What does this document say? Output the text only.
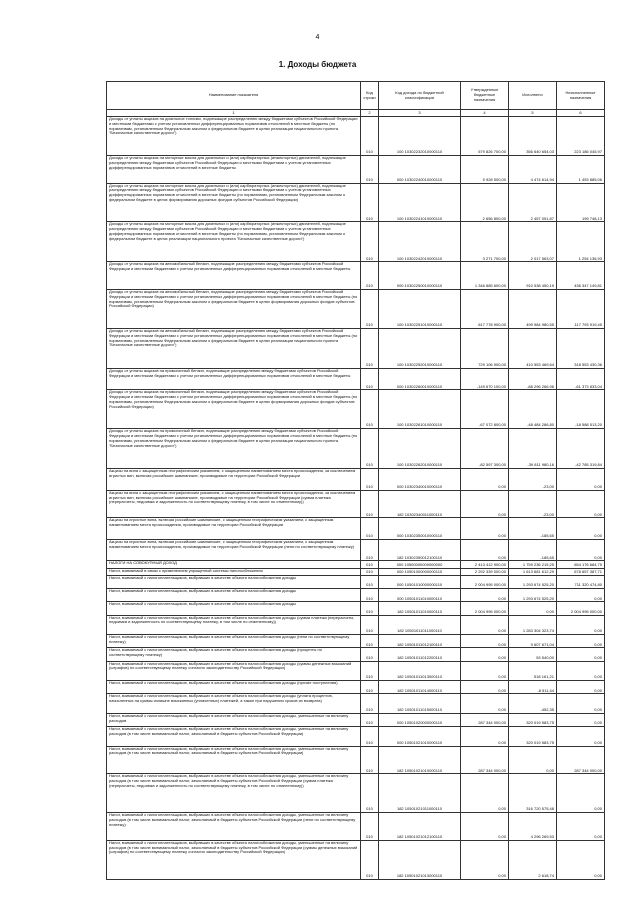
4
1. Доходы бюджета
Наименование показателя	Код строки	Код дохода по бюджетной классификации	Утвержденные бюджетные назначения	Исполнено	Неисполненные назначения
1	2	3	4	5	6
Доходы от уплаты акцизов на дизельное топливо, подлежащие распределению между бюджетами субъектов Российской Федерации и местными бюджетами с учетом установленных дифференцированных нормативов отчислений в местные бюджеты (по нормативам, установленным Федеральным законом о федеральном бюджете в целях реализации национального проекта "Безопасные качественные дороги")	010	100 10302232010000110	579 826 700,00	356 640 654,03	223 186 045,97
Доходы от уплаты акцизов на моторные масла для дизельных и (или) карбюраторных (инжекторных) двигателей, подлежащие распределению между бюджетами субъектов Российской Федерации и местными бюджетами с учетом установленных дифференцированных нормативов отчислений в местные бюджеты	010	000 10302240010000110	5 928 500,00	4 474 614,94	1 453 885,06
Доходы от уплаты акцизов на моторные масла для дизельных и (или) карбюраторных (инжекторных) двигателей, подлежащие распределению между бюджетами субъектов Российской Федерации и местными бюджетами с учетом установленных дифференцированных нормативов отчислений в местные бюджеты (по нормативам, установленным Федеральным законом о федеральном бюджете в целях формирования дорожных фондов субъектов Российской Федерации)	010	100 10302241010000110	2 656 800,00	2 457 051,87	199 748,13
Доходы от уплаты акцизов на моторные масла для дизельных и (или) карбюраторных (инжекторных) двигателей, подлежащие распределению между бюджетами субъектов Российской Федерации и местными бюджетами с учетом установленных дифференцированных нормативов отчислений в местные бюджеты (по нормативам, установленным Федеральным законом о федеральном бюджете в целях реализации национального проекта "Безопасные качественные дороги")	010	100 10302242010000110	3 271 700,00	2 017 563,07	1 254 136,93
Доходы от уплаты акцизов на автомобильный бензин, подлежащие распределению между бюджетами субъектов Российской Федерации и местными бюджетами с учетом установленных дифференцированных нормативов отчислений в местные бюджеты	010	000 10302250010000110	1 346 885 600,00	910 538 450,19	436 347 149,81
Доходы от уплаты акцизов на автомобильный бензин, подлежащие распределению между бюджетами субъектов Российской Федерации и местными бюджетами с учетом установленных дифференцированных нормативов отчислений в местные бюджеты (по нормативам, установленным Федеральным законом о федеральном бюджете в целях формирования дорожных фондов субъектов Российской Федерации)	010	100 10302251010000110	617 778 900,00	499 984 980,55	117 793 919,45
Доходы от уплаты акцизов на автомобильный бензин, подлежащие распределению между бюджетами субъектов Российской Федерации и местными бюджетами с учетом установленных дифференцированных нормативов отчислений в местные бюджеты (по нормативам, установленным Федеральным законом о федеральном бюджете в целях реализации национального проекта "Безопасные качественные дороги")	010	100 10302252010000110	729 106 900,00	410 553 469,64	318 553 430,36
Доходы от уплаты акцизов на прямогонный бензин, подлежащие распределению между бюджетами субъектов Российской Федерации и местными бюджетами с учетом установленных дифференцированных нормативов отчислений в местные бюджеты	010	000 10302260010000110	-149 670 100,00	-88 296 266,96	-61 373 833,04
Доходы от уплаты акцизов на прямогонный бензин, подлежащие распределению между бюджетами субъектов Российской Федерации и местными бюджетами с учетом установленных дифференцированных нормативов отчислений в местные бюджеты (по нормативам, установленным Федеральным законом о федеральном бюджете в целях формирования дорожных фондов субъектов Российской Федерации)	010	100 10302261010000110	-67 072 800,00	-48 484 286,80	-18 588 513,20
Доходы от уплаты акцизов на прямогонный бензин, подлежащие распределению между бюджетами субъектов Российской Федерации и местными бюджетами с учетом установленных дифференцированных нормативов отчислений в местные бюджеты (по нормативам, установленным Федеральным законом о федеральном бюджете в целях реализации национального проекта "Безопасные качественные дороги")	010	100 10302262010000110	-82 597 300,00	-39 811 980,16	-42 785 319,84
Акцизы на вина с защищенным географическим указанием, с защищенным наименованием места происхождения, за исключением игристых вин, включая российские шампанские, производимые на территории Российской Федерации	010	000 10302340010000110	0,00	-23,00	0,00
Акцизы на вина с защищенным географическим указанием, с защищенным наименованием места происхождения, за исключением игристых вин, включая российские шампанские, производимые на территории Российской Федерации (сумма платежа (перерасчеты, недоимка и задолженность по соответствующему платежу, в том числе по отмененному))	010	182 10302340011000110	0,00	-23,00	0,00
Акцизы на игристые вина, включая российские шампанские, с защищенным географическим указанием, с защищенным наименованием места происхождения, производимые на территории Российской Федерации	010	000 10302350010000110	0,00	-185,65	0,00
Акцизы на игристые вина, включая российские шампанские, с защищенным географическим указанием, с защищенным наименованием места происхождения, производимые на территории Российской Федерации (пени по соответствующему платежу)	010	182 10302350012100110	0,00	-185,65	0,00
НАЛОГИ НА СОВОКУПНЫЙ ДОХОД	010	000 10500000000000000	2 413 412 900,00	1 759 236 215,25	654 176 684,75
Налог, взимаемый в связи с применением упрощенной системы налогообложения	010	000 10501000000000110	2 292 339 000,00	1 613 681 612,29	678 657 387,71
Налог, взимаемый с налогоплательщиков, выбравших в качестве объекта налогообложения доходы	010	000 10501010000000110	2 004 995 000,00	1 293 674 525,20	711 320 474,80
Налог, взимаемый с налогоплательщиков, выбравших в качестве объекта налогообложения доходы	010	000 10501011010000110	0,00	1 293 674 525,20	0,00
Налог, взимаемый с налогоплательщиков, выбравших в качестве объекта налогообложения доходы	010	182 10501011010000110	2 004 995 000,00	0,00	2 004 995 000,00
Налог, взимаемый с налогоплательщиков, выбравших в качестве объекта налогообложения доходы (сумма платежа (перерасчеты, недоимка и задолженность по соответствующему платежу, в том числе по отмененному))	010	182 10501011011000110	0,00	1 283 304 323,74	0,00
Налог, взимаемый с налогоплательщиков, выбравших в качестве объекта налогообложения доходы (пени по соответствующему платежу)	010	182 10501011012100110	0,00	9 607 671,04	0,00
Налог, взимаемый с налогоплательщиков, выбравших в качестве объекта налогообложения доходы (проценты по соответствующему платежу)	010	182 10501011012200110	0,00	53 540,00	0,00
Налог, взимаемый с налогоплательщиков, выбравших в качестве объекта налогообложения доходы (суммы денежных взысканий (штрафов) по соответствующему платежу согласно законодательству Российской Федерации)	010	182 10501011013000110	0,00	518 161,21	0,00
Налог, взимаемый с налогоплательщиков, выбравших в качестве объекта налогообложения доходы (прочие поступления)	010	182 10501011014000110	0,00	-8 511,44	0,00
Налог, взимаемый с налогоплательщиков, выбравших в качестве объекта налогообложения доходы (уплата процентов, начисленных на суммы излишне взысканных (уплаченных) платежей, а также при нарушении сроков их возврата)	010	182 10501011015000110	0,00	-452,35	0,00
Налог, взимаемый с налогоплательщиков, выбравших в качестве объекта налогообложения доходы, уменьшенные на величину расходов	010	000 10501020000000110	287 344 000,00	320 019 583,75	0,00
Налог, взимаемый с налогоплательщиков, выбравших в качестве объекта налогообложения доходы, уменьшенные на величину расходов (в том числе минимальный налог, зачисляемый в бюджеты субъектов Российской Федерации)	010	000 10501021010000110	0,00	320 019 583,75	0,00
Налог, взимаемый с налогоплательщиков, выбравших в качестве объекта налогообложения доходы, уменьшенные на величину расходов (в том числе минимальный налог, зачисляемый в бюджеты субъектов Российской Федерации)	010	182 10501021010000110	287 344 000,00	0,00	287 344 000,00
Налог, взимаемый с налогоплательщиков, выбравших в качестве объекта налогообложения доходы, уменьшенные на величину расходов (в том числе минимальный налог, зачисляемый в бюджеты субъектов Российской Федерации (сумма платежа (перерасчеты, недоимка и задолженность по соответствующему платежу, в том числе по отмененному))	010	182 10501021011000110	0,00	316 720 575,48	0,00
Налог, взимаемый с налогоплательщиков, выбравших в качестве объекта налогообложения доходы, уменьшенные на величину расходов (в том числе минимальный налог, зачисляемый в бюджеты субъектов Российской Федерации (пени по соответствующему платежу)	010	182 10501021012100110	0,00	4 296 269,53	0,00
Налог, взимаемый с налогоплательщиков, выбравших в качестве объекта налогообложения доходы, уменьшенные на величину расходов (в том числе минимальный налог, зачисляемый в бюджеты субъектов Российской Федерации (суммы денежных взысканий (штрафов) по соответствующему платежу согласно законодательству Российской Федерации)	010	182 10501021013000110	0,00	2 618,74	0,00
